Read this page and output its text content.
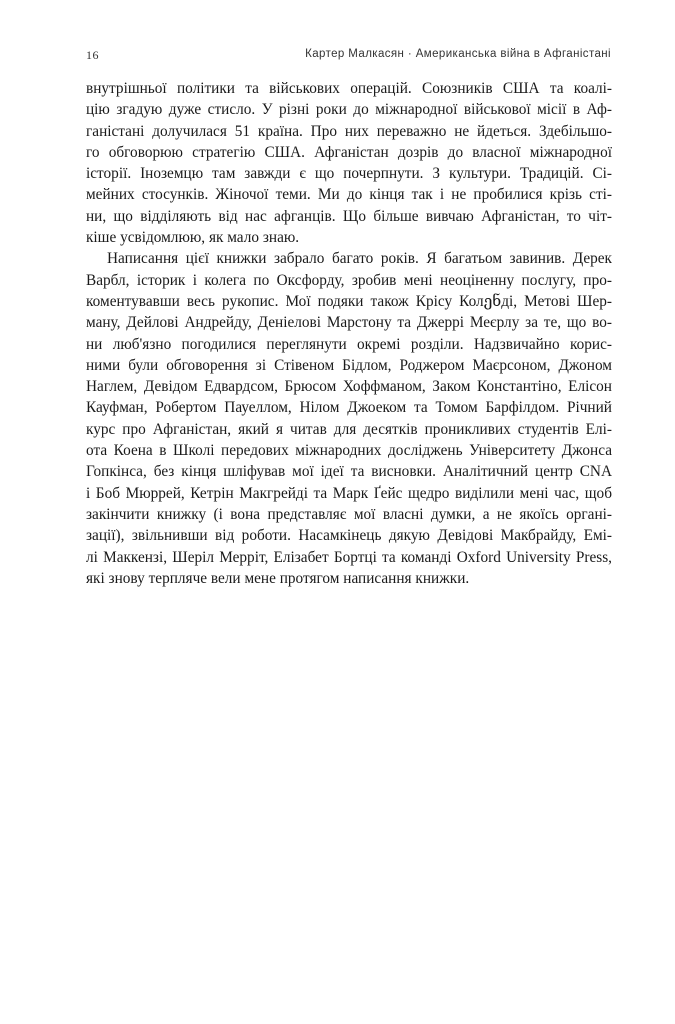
16	Картер Малкасян · Американська війна в Афганістані
внутрішньої політики та військових операцій. Союзників США та коалі-
цію згадую дуже стисло. У різні роки до міжнародної військової місії в Аф-
ганістані долучилася 51 країна. Про них переважно не йдеться. Здебільшо-
го обговорюю стратегію США. Афганістан дозрів до власної міжнародної
історії. Іноземцю там завжди є що почерпнути. З культури. Традицій. Сі-
мейних стосунків. Жіночої теми. Ми до кінця так і не пробилися крізь сті-
ни, що відділяють від нас афганців. Що більше вивчаю Афганістан, то чіт-
кіше усвідомлюю, як мало знаю.
Написання цієї книжки забрало багато років. Я багатьом завинив. Дерек
Варбл, історик і колега по Оксфорду, зробив мені неоціненну послугу, про-
коментувавши весь рукопис. Мої подяки також Крісу Колენді, Метові Шер-
ману, Дейлові Андрейду, Деніелові Марстону та Джеррі Меєрлу за те, що во-
ни люб'язно погодилися переглянути окремі розділи. Надзвичайно корис-
ними були обговорення зі Стівеном Бідлом, Роджером Маєрсоном, Джоном
Наглем, Девідом Едвардсом, Брюсом Хоффманом, Заком Константіно, Елісон
Кауфман, Робертом Пауеллом, Нілом Джоеком та Томом Барфілдом. Річний
курс про Афганістан, який я читав для десятків проникливих студентів Елі-
ота Коена в Школі передових міжнародних досліджень Університету Джонса
Гопкінса, без кінця шліфував мої ідеї та висновки. Аналітичний центр CNA
і Боб Мюррей, Кетрін Макгрейді та Марк Ґейс щедро виділили мені час, щоб
закінчити книжку (і вона представляє мої власні думки, а не якоїсь органі-
зації), звільнивши від роботи. Насамкінець дякую Девідові Макбрайду, Емі-
лі Маккензі, Шеріл Мерріт, Елізабет Бортці та команді Oxford University Press,
які знову терпляче вели мене протягом написання книжки.
